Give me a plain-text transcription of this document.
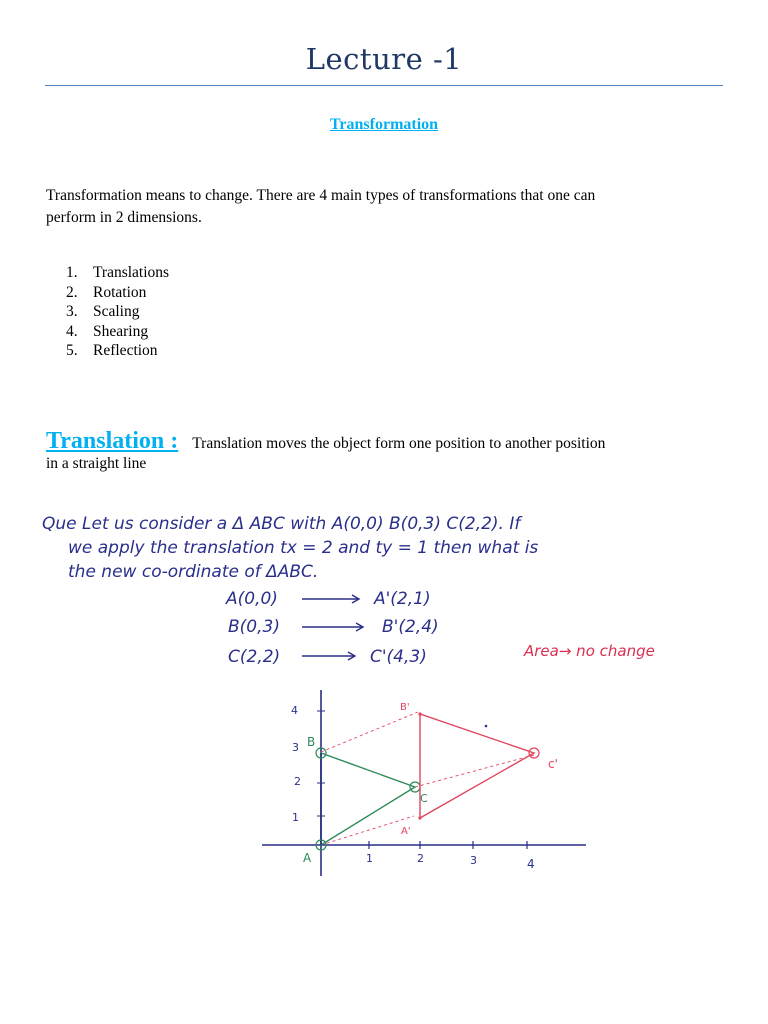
Lecture -1
Transformation
Transformation means to change. There are 4 main types of transformations that one can
perform in 2 dimensions.
1. Translations
2. Rotation
3. Scaling
4. Shearing
5. Reflection
Translation : Translation moves the object form one position to another position
in a straight line
Que Let us consider a Δ ABC with A(0,0) B(0,3) C(2,2). If
we apply the translation tx = 2 and ty = 1 then what is
the new co-ordinate of ΔABC.
A(0,0)	A'(2,1)
B(0,3)	B'(2,4)
C(2,2)	C'(4,3)	Area→ no change
1	2	3	4
1
2
3
4
A
B
C
A'
B'
c'
